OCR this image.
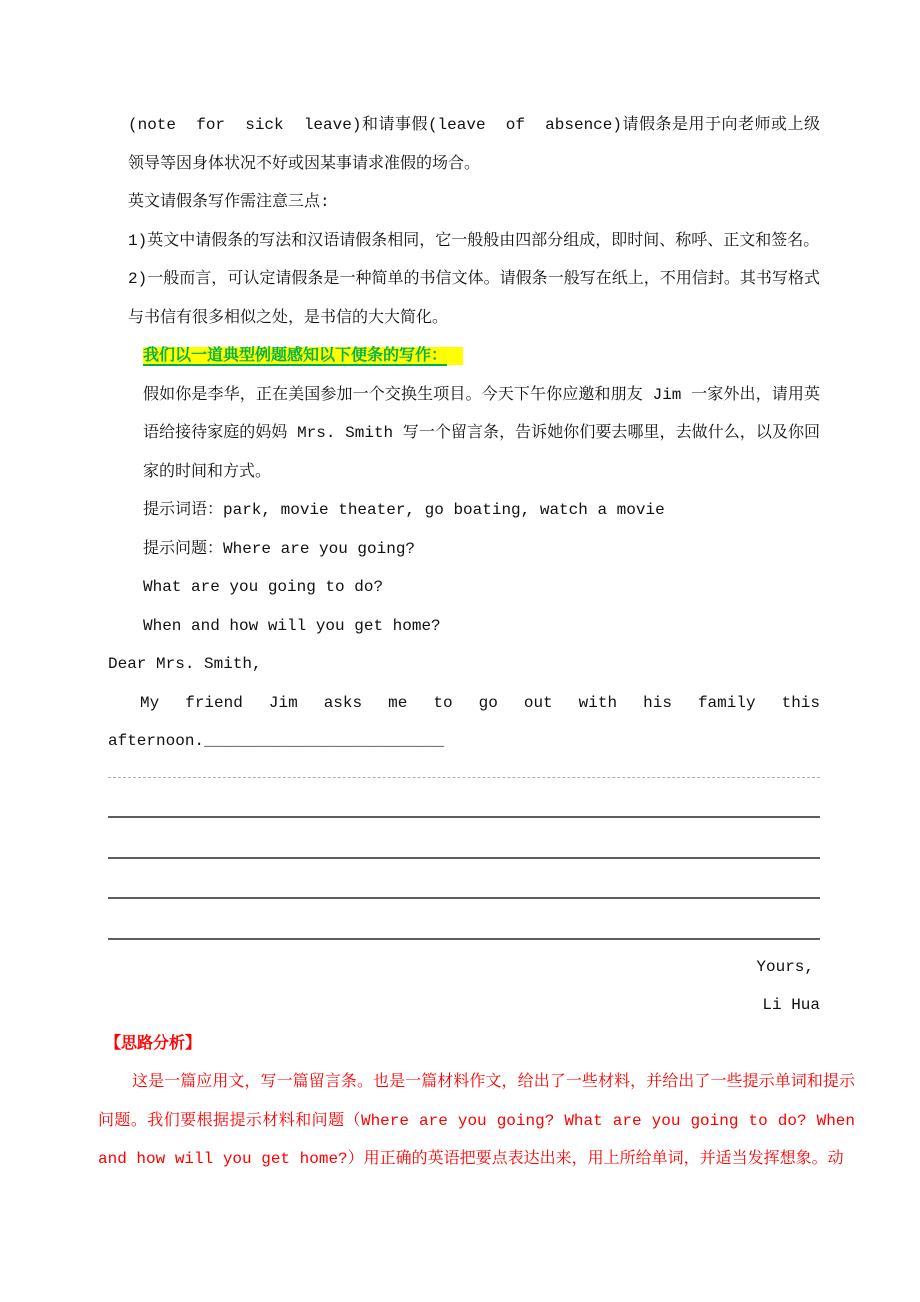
(note  for  sick  leave)和请事假(leave  of  absence)请假条是用于向老师或上级领导等因身体状况不好或因某事请求准假的场合。

英文请假条写作需注意三点:

1)英文中请假条的写法和汉语请假条相同，它一般般由四部分组成，即时间、称呼、正文和签名。

2)一般而言，可认定请假条是一种简单的书信文体。请假条一般写在纸上，不用信封。其书写格式与书信有很多相似之处，是书信的大大简化。

我们以一道典型例题感知以下便条的写作：

假如你是李华，正在美国参加一个交换生项目。今天下午你应邀和朋友 Jim 一家外出，请用英语给接待家庭的妈妈 Mrs. Smith 写一个留言条，告诉她你们要去哪里，去做什么，以及你回家的时间和方式。

提示词语：park, movie theater, go boating, watch a movie

提示问题：Where are you going?

What are you going to do?

When and how will you get home?

Dear Mrs. Smith,

My friend Jim asks me to go out with his family this

afternoon._________________________

Yours,

Li Hua

【思路分析】

这是一篇应用文，写一篇留言条。也是一篇材料作文，给出了一些材料，并给出了一些提示单词和提示问题。我们要根据提示材料和问题（Where are you going? What are you going to do? When and how will you get home?）用正确的英语把要点表达出来，用上所给单词，并适当发挥想象。动
